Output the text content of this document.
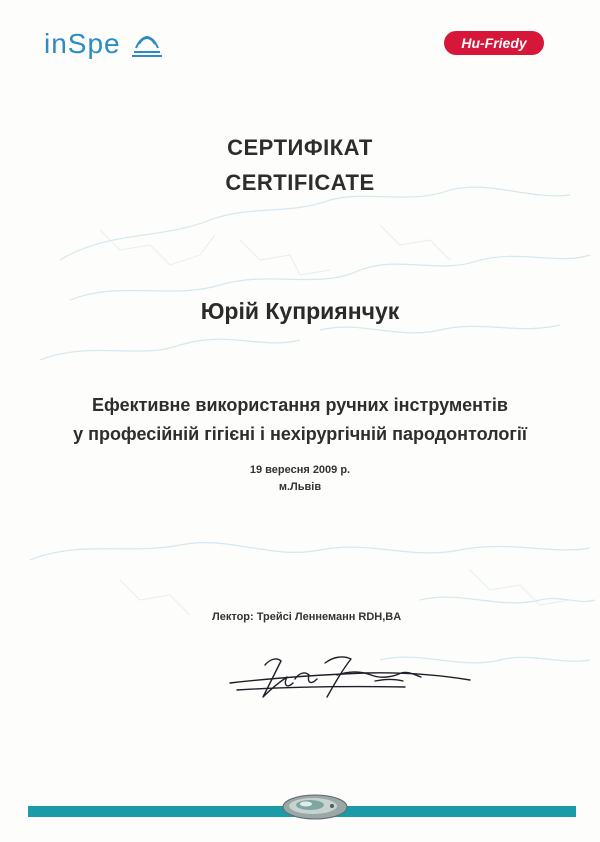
inSpe	Hu-Friedy
СЕРТИФІКАТ
CERTIFICATE
Юрій Куприянчук
Ефективне використання ручних інструментів
у професійній гігієні і нехірургічній пародонтології
19 вересня 2009 р.
м.Львів
Лектор: Трейсі Леннеманн RDH,BA
